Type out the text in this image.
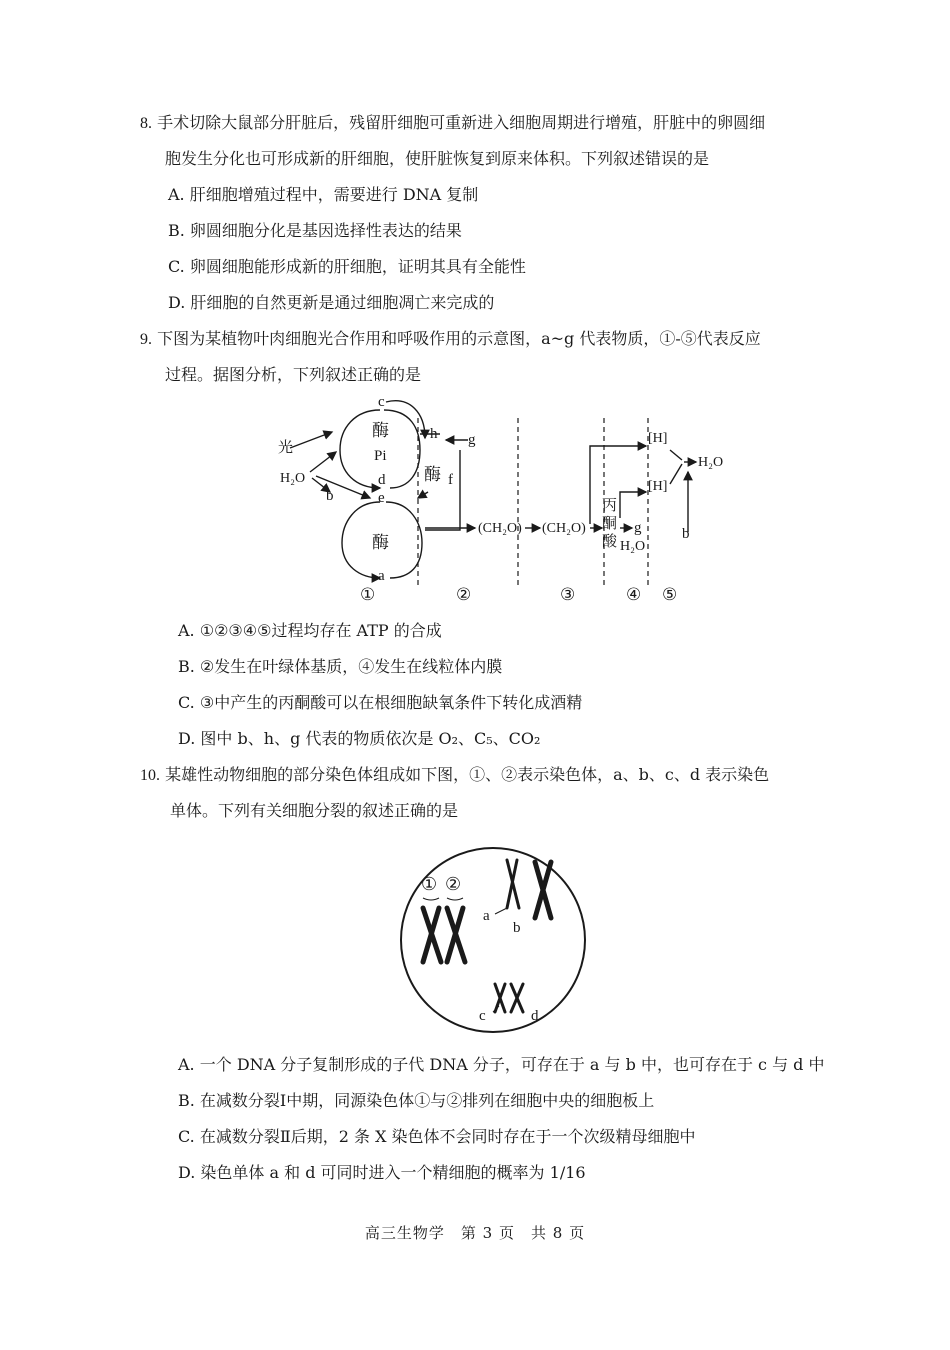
8. 手术切除大鼠部分肝脏后，残留肝细胞可重新进入细胞周期进行增殖，肝脏中的卵圆细
胞发生分化也可形成新的肝细胞，使肝脏恢复到原来体积。下列叙述错误的是
A. 肝细胞增殖过程中，需要进行 DNA 复制
B. 卵圆细胞分化是基因选择性表达的结果
C. 卵圆细胞能形成新的肝细胞，证明其具有全能性
D. 肝细胞的自然更新是通过细胞凋亡来完成的
9. 下图为某植物叶肉细胞光合作用和呼吸作用的示意图，a~g 代表物质，①-⑤代表反应
过程。据图分析，下列叙述正确的是
光
H₂O
b
c
酶
Pi
d
e
酶
a
h g
酶 f
(CH₂O) (CH₂O)
丙
酮
酸
g
H₂O
[H]
[H]
H₂O
b
①	②	③	④ ⑤
A. ①②③④⑤过程均存在 ATP 的合成
B. ②发生在叶绿体基质，④发生在线粒体内膜
C. ③中产生的丙酮酸可以在根细胞缺氧条件下转化成酒精
D. 图中 b、h、g 代表的物质依次是 O₂、C₅、CO₂
10. 某雄性动物细胞的部分染色体组成如下图，①、②表示染色体，a、b、c、d 表示染色
单体。下列有关细胞分裂的叙述正确的是
① ②
a
b
c	d
A. 一个 DNA 分子复制形成的子代 DNA 分子，可存在于 a 与 b 中，也可存在于 c 与 d 中
B. 在减数分裂Ⅰ中期，同源染色体①与②排列在细胞中央的细胞板上
C. 在减数分裂Ⅱ后期，2 条 X 染色体不会同时存在于一个次级精母细胞中
D. 染色单体 a 和 d 可同时进入一个精细胞的概率为 1/16
高三生物学　第 3 页　共 8 页
